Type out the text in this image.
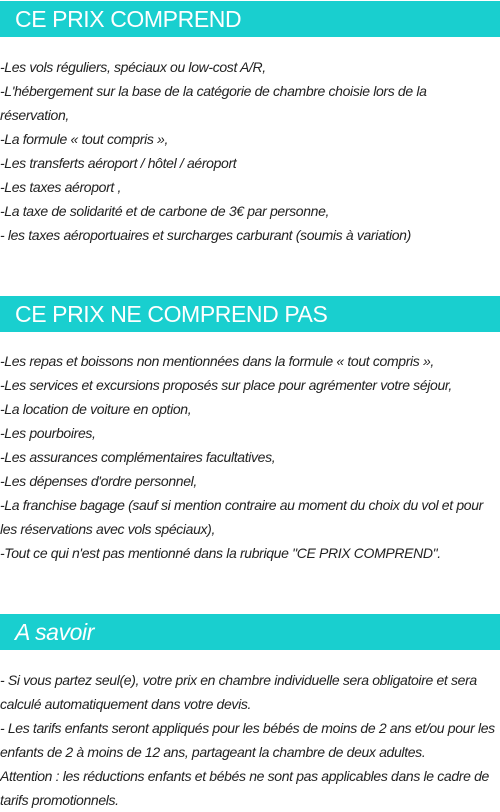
CE PRIX COMPREND
-Les vols réguliers, spéciaux ou low-cost A/R,
-L'hébergement sur la base de la catégorie de chambre choisie lors de la réservation,
-La formule « tout compris »,
-Les transferts aéroport / hôtel / aéroport
-Les taxes aéroport ,
-La taxe de solidarité et de carbone de 3€ par personne,
- les taxes aéroportuaires et surcharges carburant (soumis à variation)
CE PRIX NE COMPREND PAS
-Les repas et boissons non mentionnées dans la formule « tout compris »,
-Les services et excursions proposés sur place pour agrémenter votre séjour,
-La location de voiture en option,
-Les pourboires,
-Les assurances complémentaires facultatives,
-Les dépenses d'ordre personnel,
-La franchise bagage (sauf si mention contraire au moment du choix du vol et pour les réservations avec vols spéciaux),
-Tout ce qui n'est pas mentionné dans la rubrique "CE PRIX COMPREND".
A savoir
- Si vous partez seul(e), votre prix en chambre individuelle sera obligatoire et sera calculé automatiquement dans votre devis.
- Les tarifs enfants seront appliqués pour les bébés de moins de 2 ans et/ou pour les enfants de 2 à moins de 12 ans, partageant la chambre de deux adultes.
Attention : les réductions enfants et bébés ne sont pas applicables dans le cadre de tarifs promotionnels.
